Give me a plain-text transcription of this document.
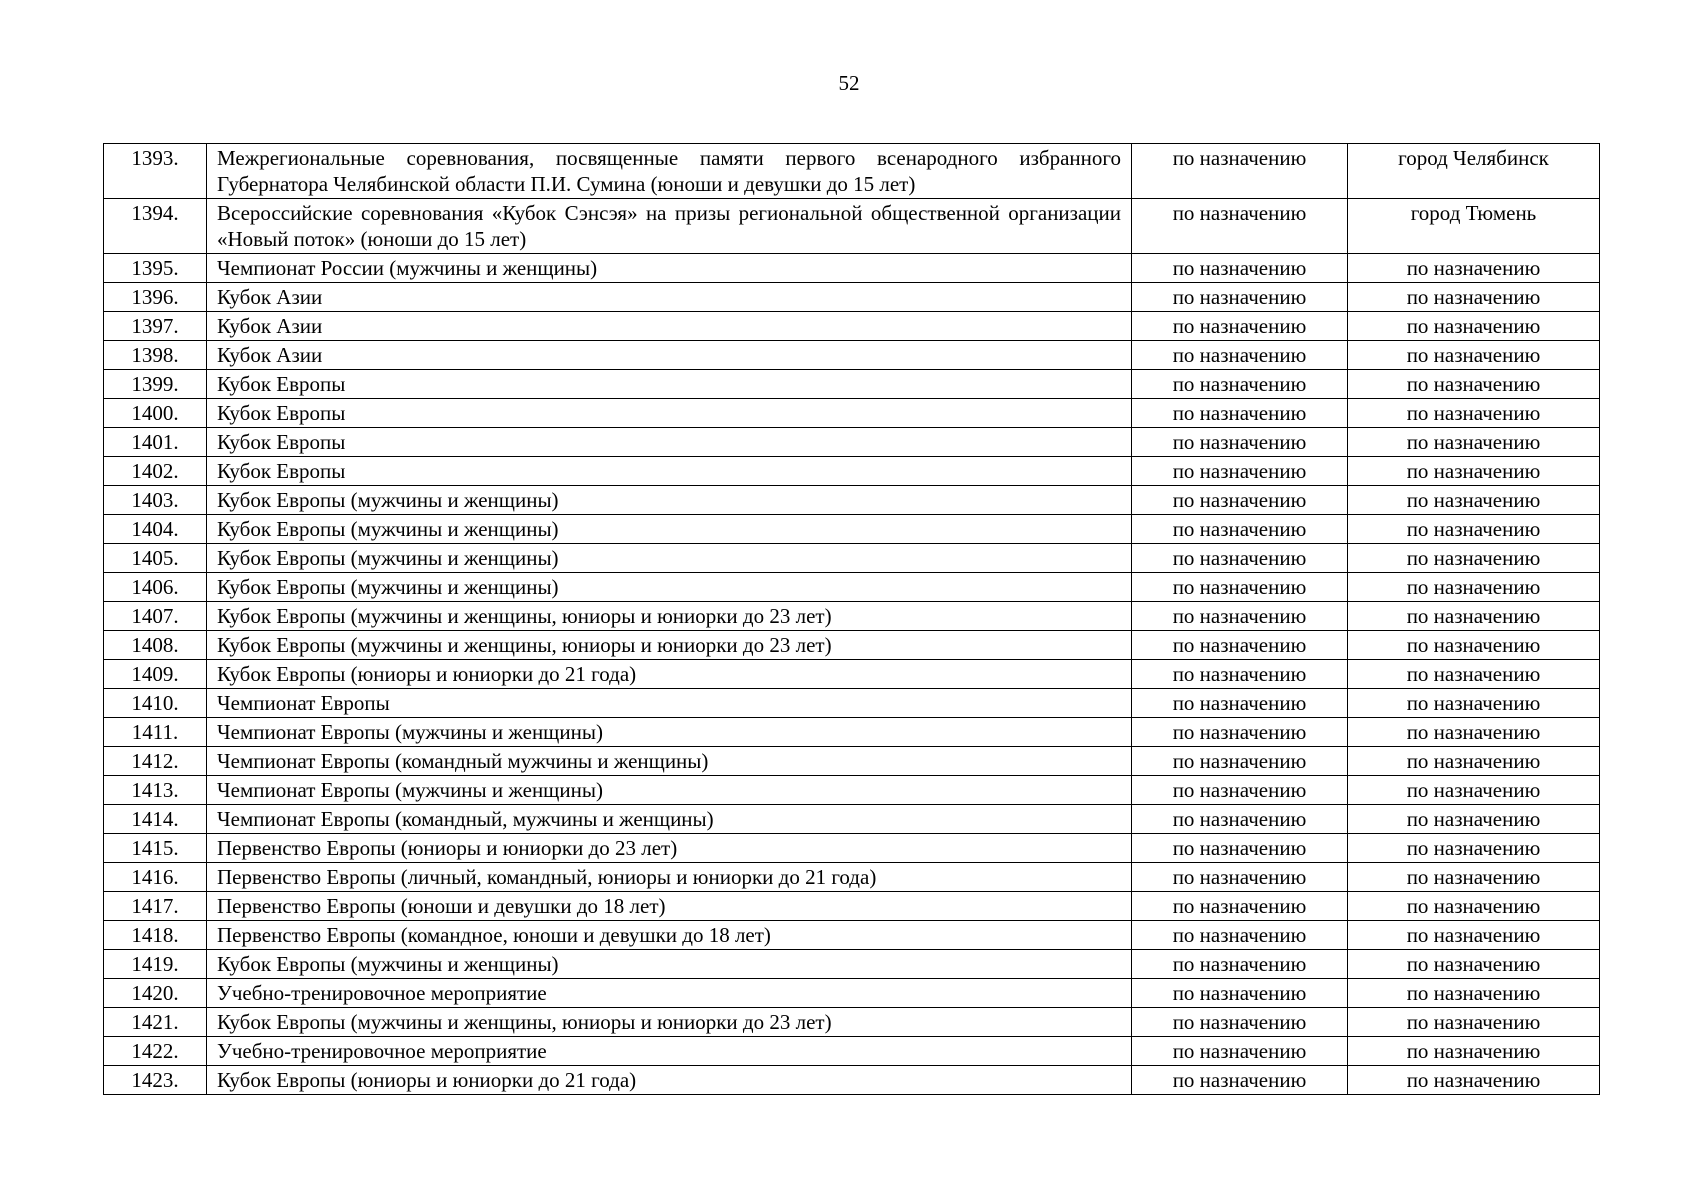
52
1393.	Межрегиональные соревнования, посвященные памяти первого всенародного избранного Губернатора Челябинской области П.И. Сумина (юноши и девушки до 15 лет)	по назначению	город Челябинск
1394.	Всероссийские соревнования «Кубок Сэнсэя» на призы региональной общественной организации «Новый поток» (юноши до 15 лет)	по назначению	город Тюмень
1395.	Чемпионат России (мужчины и женщины)	по назначению	по назначению
1396.	Кубок Азии	по назначению	по назначению
1397.	Кубок Азии	по назначению	по назначению
1398.	Кубок Азии	по назначению	по назначению
1399.	Кубок Европы	по назначению	по назначению
1400.	Кубок Европы	по назначению	по назначению
1401.	Кубок Европы	по назначению	по назначению
1402.	Кубок Европы	по назначению	по назначению
1403.	Кубок Европы (мужчины и женщины)	по назначению	по назначению
1404.	Кубок Европы (мужчины и женщины)	по назначению	по назначению
1405.	Кубок Европы (мужчины и женщины)	по назначению	по назначению
1406.	Кубок Европы (мужчины и женщины)	по назначению	по назначению
1407.	Кубок Европы (мужчины и женщины, юниоры и юниорки до 23 лет)	по назначению	по назначению
1408.	Кубок Европы (мужчины и женщины, юниоры и юниорки до 23 лет)	по назначению	по назначению
1409.	Кубок Европы (юниоры и юниорки до 21 года)	по назначению	по назначению
1410.	Чемпионат Европы	по назначению	по назначению
1411.	Чемпионат Европы (мужчины и женщины)	по назначению	по назначению
1412.	Чемпионат Европы (командный мужчины и женщины)	по назначению	по назначению
1413.	Чемпионат Европы (мужчины и женщины)	по назначению	по назначению
1414.	Чемпионат Европы (командный, мужчины и женщины)	по назначению	по назначению
1415.	Первенство Европы (юниоры и юниорки до 23 лет)	по назначению	по назначению
1416.	Первенство Европы (личный, командный, юниоры и юниорки до 21 года)	по назначению	по назначению
1417.	Первенство Европы (юноши и девушки до 18 лет)	по назначению	по назначению
1418.	Первенство Европы (командное, юноши и девушки до 18 лет)	по назначению	по назначению
1419.	Кубок Европы (мужчины и женщины)	по назначению	по назначению
1420.	Учебно-тренировочное мероприятие	по назначению	по назначению
1421.	Кубок Европы (мужчины и женщины, юниоры и юниорки до 23 лет)	по назначению	по назначению
1422.	Учебно-тренировочное мероприятие	по назначению	по назначению
1423.	Кубок Европы (юниоры и юниорки до 21 года)	по назначению	по назначению
